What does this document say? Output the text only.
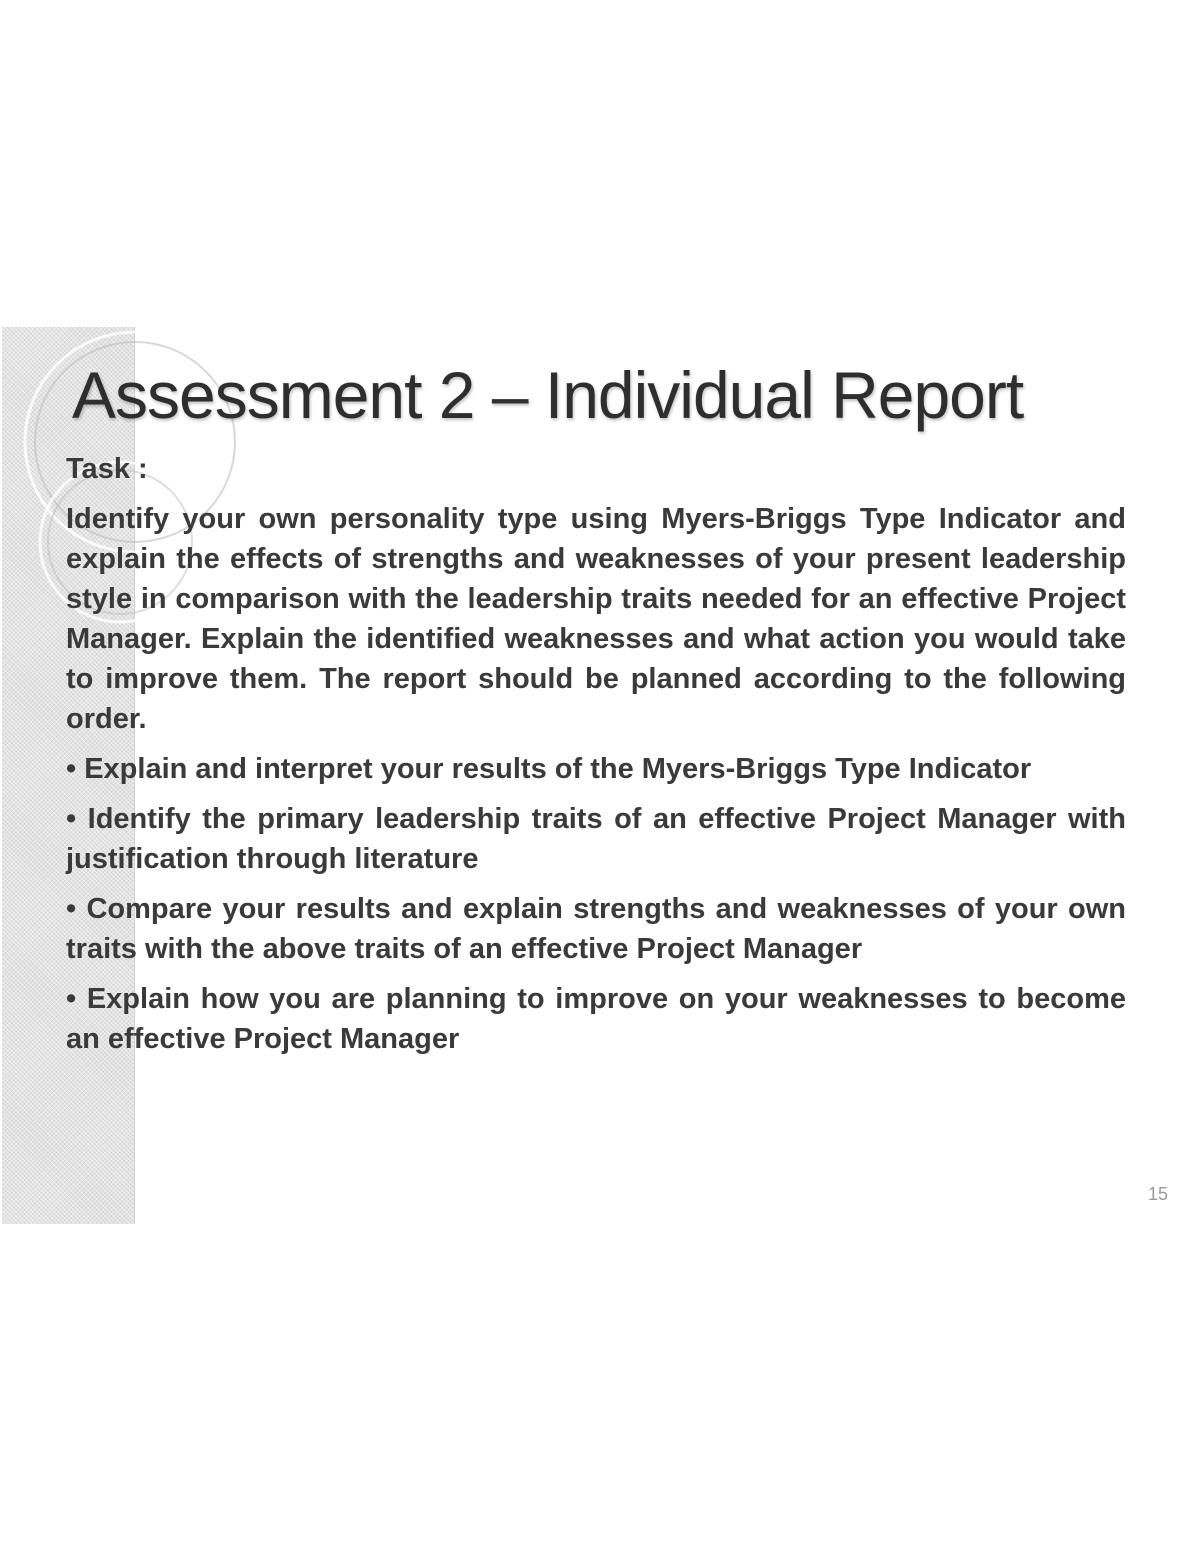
Assessment 2 – Individual Report

Task :

Identify your own personality type using Myers-Briggs Type Indicator and explain the effects of strengths and weaknesses of your present leadership style in comparison with the leadership traits needed for an effective Project Manager. Explain the identified weaknesses and what action you would take to improve them. The report should be planned according to the following order.

• Explain and interpret your results of the Myers-Briggs Type Indicator

• Identify the primary leadership traits of an effective Project Manager with justification through literature

• Compare your results and explain strengths and weaknesses of your own traits with the above traits of an effective Project Manager

• Explain how you are planning to improve on your weaknesses to become an effective Project Manager

15
